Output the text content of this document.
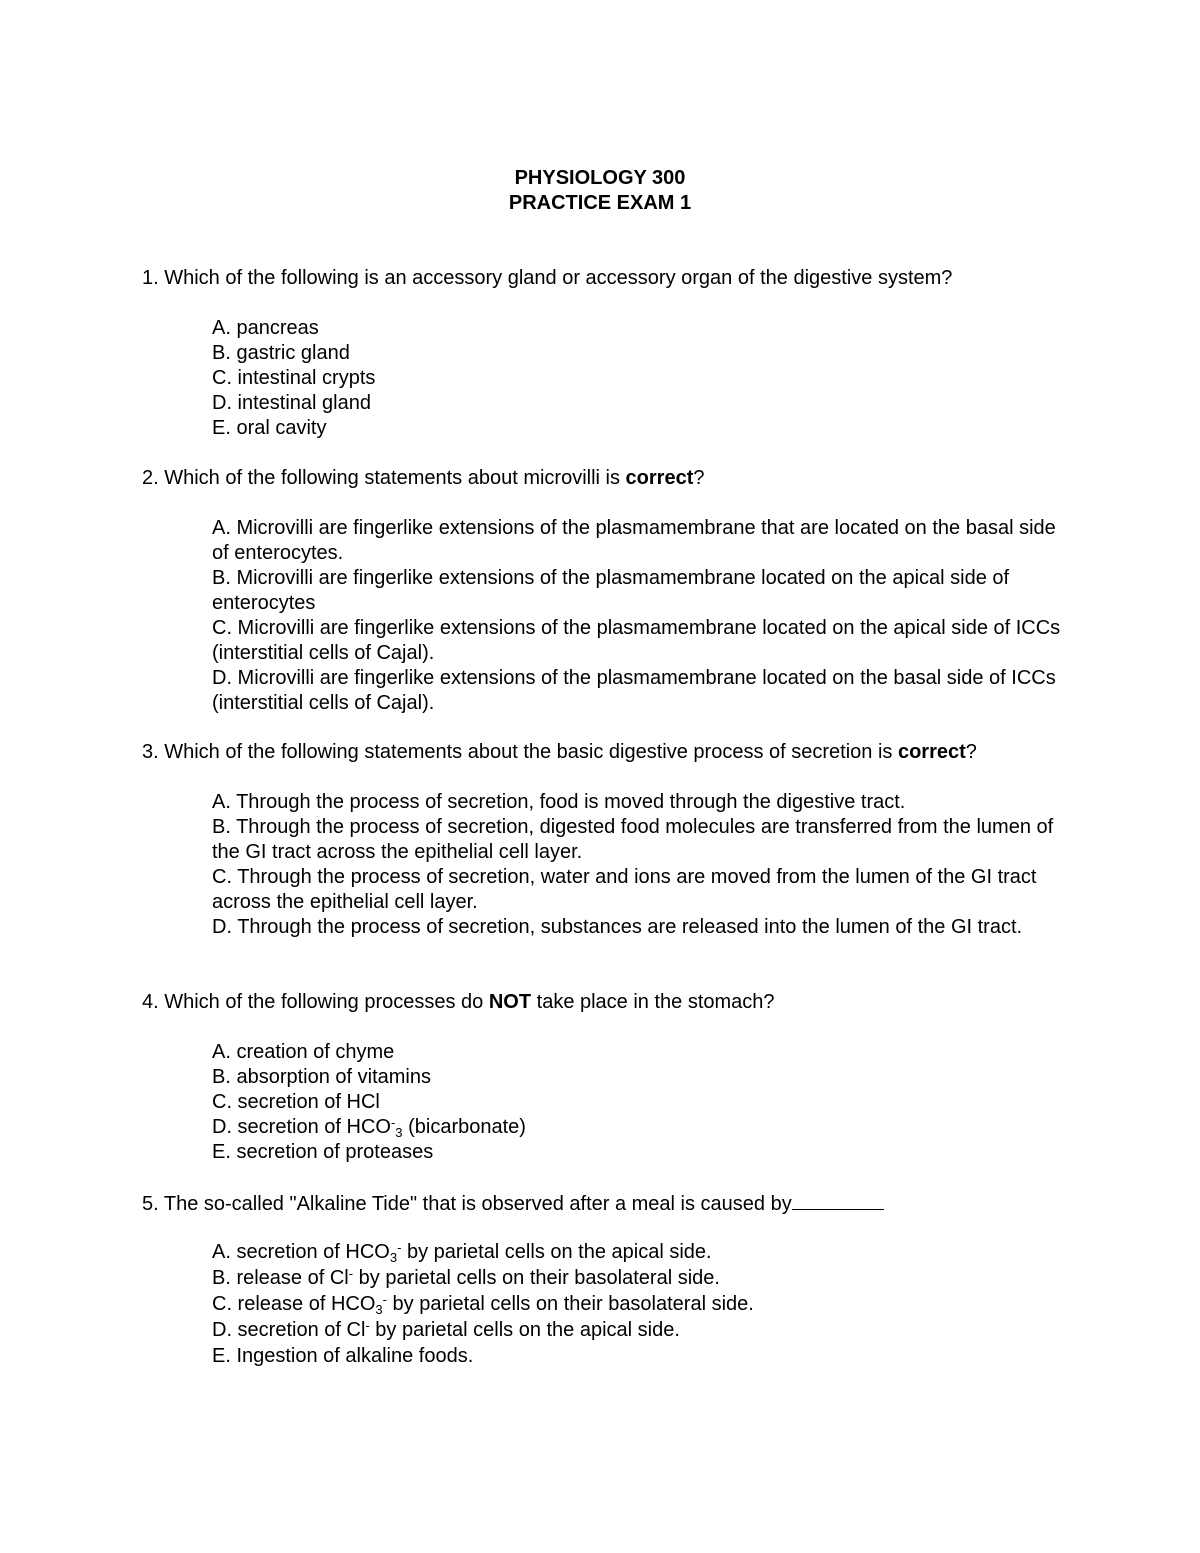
PHYSIOLOGY 300
PRACTICE EXAM 1
1. Which of the following is an accessory gland or accessory organ of the digestive system?
A. pancreas
B. gastric gland
C. intestinal crypts
D. intestinal gland
E. oral cavity
2. Which of the following statements about microvilli is correct?
A. Microvilli are fingerlike extensions of the plasmamembrane that are located on the basal side of enterocytes.
B. Microvilli are fingerlike extensions of the plasmamembrane located on the apical side of enterocytes
C. Microvilli are fingerlike extensions of the plasmamembrane located on the apical side of ICCs (interstitial cells of Cajal).
D. Microvilli are fingerlike extensions of the plasmamembrane located on the basal side of ICCs (interstitial cells of Cajal).
3. Which of the following statements about the basic digestive process of secretion is correct?
A. Through the process of secretion, food is moved through the digestive tract.
B. Through the process of secretion, digested food molecules are transferred from the lumen of the GI tract across the epithelial cell layer.
C. Through the process of secretion, water and ions are moved from the lumen of the GI tract across the epithelial cell layer.
D. Through the process of secretion, substances are released into the lumen of the GI tract.
4. Which of the following processes do NOT take place in the stomach?
A. creation of chyme
B. absorption of vitamins
C. secretion of HCl
D. secretion of $HCO^-_3$ (bicarbonate)
E. secretion of proteases
5. The so-called "Alkaline Tide" that is observed after a meal is caused by
A. secretion of $HCO_3^-$ by parietal cells on the apical side.
B. release of Cl- by parietal cells on their basolateral side.
C. release of $HCO_3^-$ by parietal cells on their basolateral side.
D. secretion of Cl- by parietal cells on the apical side.
E. Ingestion of alkaline foods.
